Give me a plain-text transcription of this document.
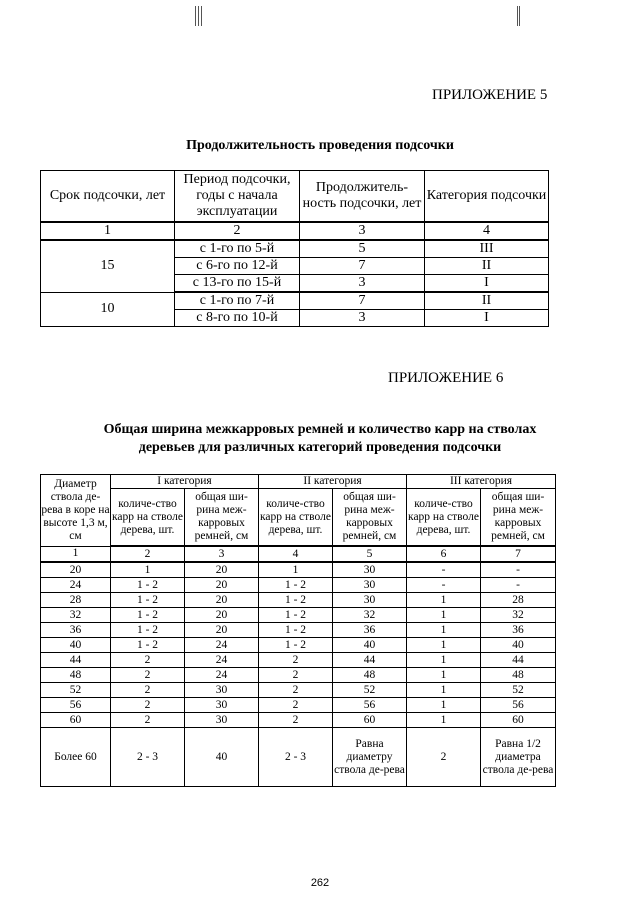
ПРИЛОЖЕНИЕ 5
Продолжительность проведения подсочки
Срок подсочки, лет	Период подсочки, годы с начала эксплуатации	Продолжитель-ность подсочки, лет	Категория подсочки
1	2	3	4
15	с 1-го по 5-й	5	III
	с 6-го по 12-й	7	II
	с 13-го по 15-й	3	I
10	с 1-го по 7-й	7	II
	с 8-го по 10-й	3	I
ПРИЛОЖЕНИЕ 6
Общая ширина межкарровых ремней и количество карр на стволах
деревьев для различных категорий проведения подсочки
Диаметр ствола де-рева в коре на высоте 1,3 м, см	I категория		II категория		III категория	
	количе-ство карр на стволе дерева, шт.	общая ши-рина меж-карровых ремней, см	количе-ство карр на стволе дерева, шт.	общая ши-рина меж-карровых ремней, см	количе-ство карр на стволе дерева, шт.	общая ши-рина меж-карровых ремней, см
1	2	3	4	5	6	7
20	1	20	1	30	-	-
24	1 - 2	20	1 - 2	30	-	-
28	1 - 2	20	1 - 2	30	1	28
32	1 - 2	20	1 - 2	32	1	32
36	1 - 2	20	1 - 2	36	1	36
40	1 - 2	24	1 - 2	40	1	40
44	2	24	2	44	1	44
48	2	24	2	48	1	48
52	2	30	2	52	1	52
56	2	30	2	56	1	56
60	2	30	2	60	1	60
Более 60	2 - 3	40	2 - 3	Равна диаметру ствола де-рева	2	Равна 1/2 диаметра ствола де-рева
262
